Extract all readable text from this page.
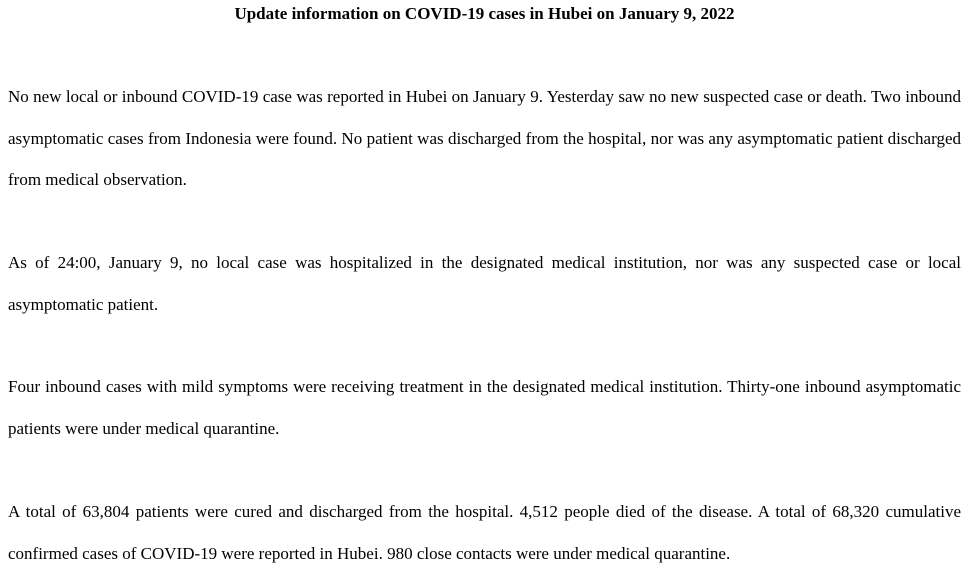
Update information on COVID-19 cases in Hubei on January 9, 2022

No new local or inbound COVID-19 case was reported in Hubei on January 9. Yesterday saw no new suspected case or death. Two inbound asymptomatic cases from Indonesia were found. No patient was discharged from the hospital, nor was any asymptomatic patient discharged from medical observation.

As of 24:00, January 9, no local case was hospitalized in the designated medical institution, nor was any suspected case or local asymptomatic patient.

Four inbound cases with mild symptoms were receiving treatment in the designated medical institution. Thirty-one inbound asymptomatic patients were under medical quarantine.

A total of 63,804 patients were cured and discharged from the hospital. 4,512 people died of the disease. A total of 68,320 cumulative confirmed cases of COVID-19 were reported in Hubei. 980 close contacts were under medical quarantine.
